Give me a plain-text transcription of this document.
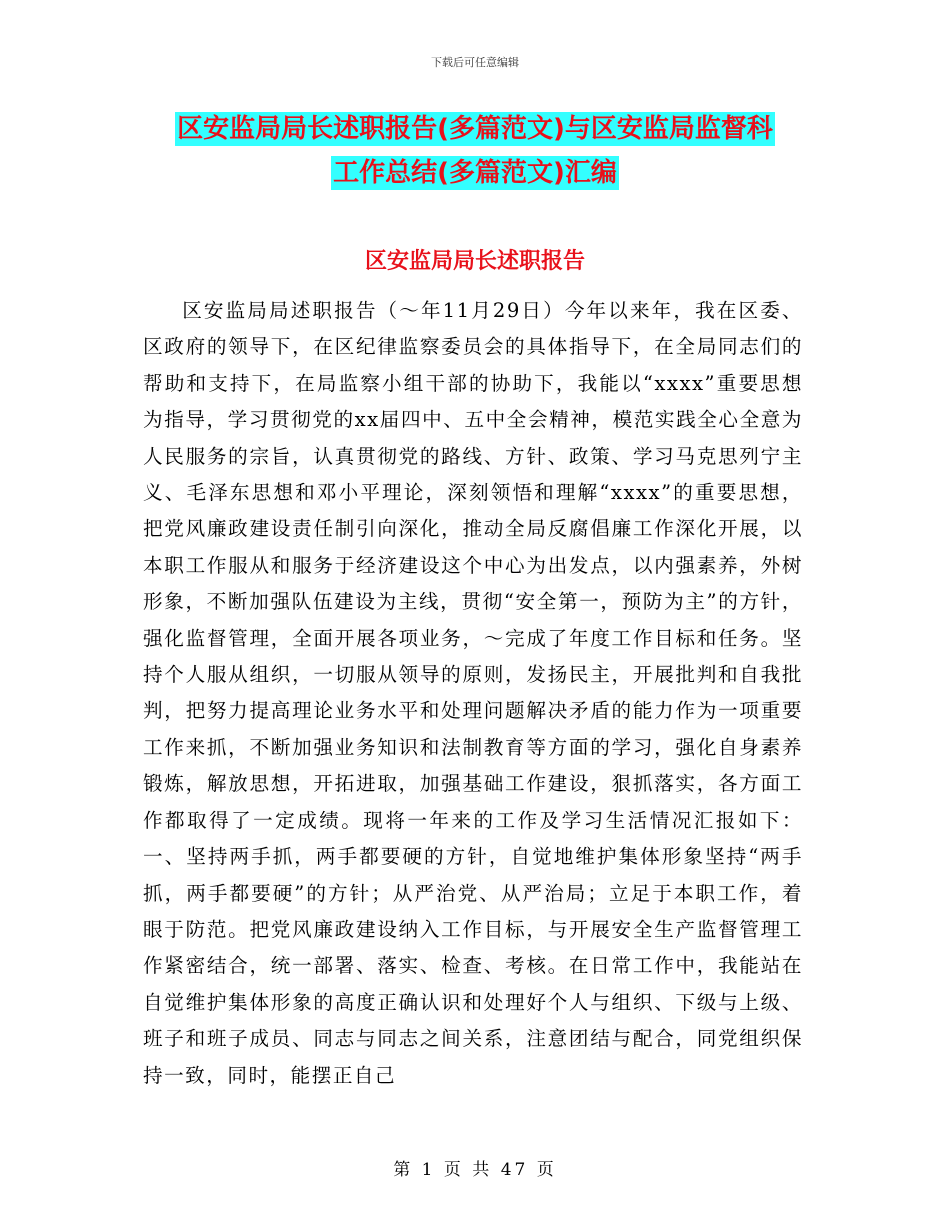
下载后可任意编辑
区安监局局长述职报告(多篇范文)与区安监局监督科
工作总结(多篇范文)汇编
区安监局局长述职报告

区安监局局述职报告（～年11月29日）今年以来年，我在区委、区政府的领导下，在区纪律监察委员会的具体指导下，在全局同志们的帮助和支持下，在局监察小组干部的协助下，我能以“xxxx”重要思想为指导，学习贯彻党的xx届四中、五中全会精神，模范实践全心全意为人民服务的宗旨，认真贯彻党的路线、方针、政策、学习马克思列宁主义、毛泽东思想和邓小平理论，深刻领悟和理解“xxxx”的重要思想，把党风廉政建设责任制引向深化，推动全局反腐倡廉工作深化开展，以本职工作服从和服务于经济建设这个中心为出发点，以内强素养，外树形象，不断加强队伍建设为主线，贯彻“安全第一，预防为主”的方针，强化监督管理，全面开展各项业务，～完成了年度工作目标和任务。坚持个人服从组织，一切服从领导的原则，发扬民主，开展批判和自我批判，把努力提高理论业务水平和处理问题解决矛盾的能力作为一项重要工作来抓，不断加强业务知识和法制教育等方面的学习，强化自身素养锻炼，解放思想，开拓进取，加强基础工作建设，狠抓落实，各方面工作都取得了一定成绩。现将一年来的工作及学习生活情况汇报如下：一、坚持两手抓，两手都要硬的方针，自觉地维护集体形象坚持“两手抓，两手都要硬”的方针；从严治党、从严治局；立足于本职工作，着眼于防范。把党风廉政建设纳入工作目标，与开展安全生产监督管理工作紧密结合，统一部署、落实、检查、考核。在日常工作中，我能站在自觉维护集体形象的高度正确认识和处理好个人与组织、下级与上级、班子和班子成员、同志与同志之间关系，注意团结与配合，同党组织保持一致，同时，能摆正自己

第 1 页 共 47 页
